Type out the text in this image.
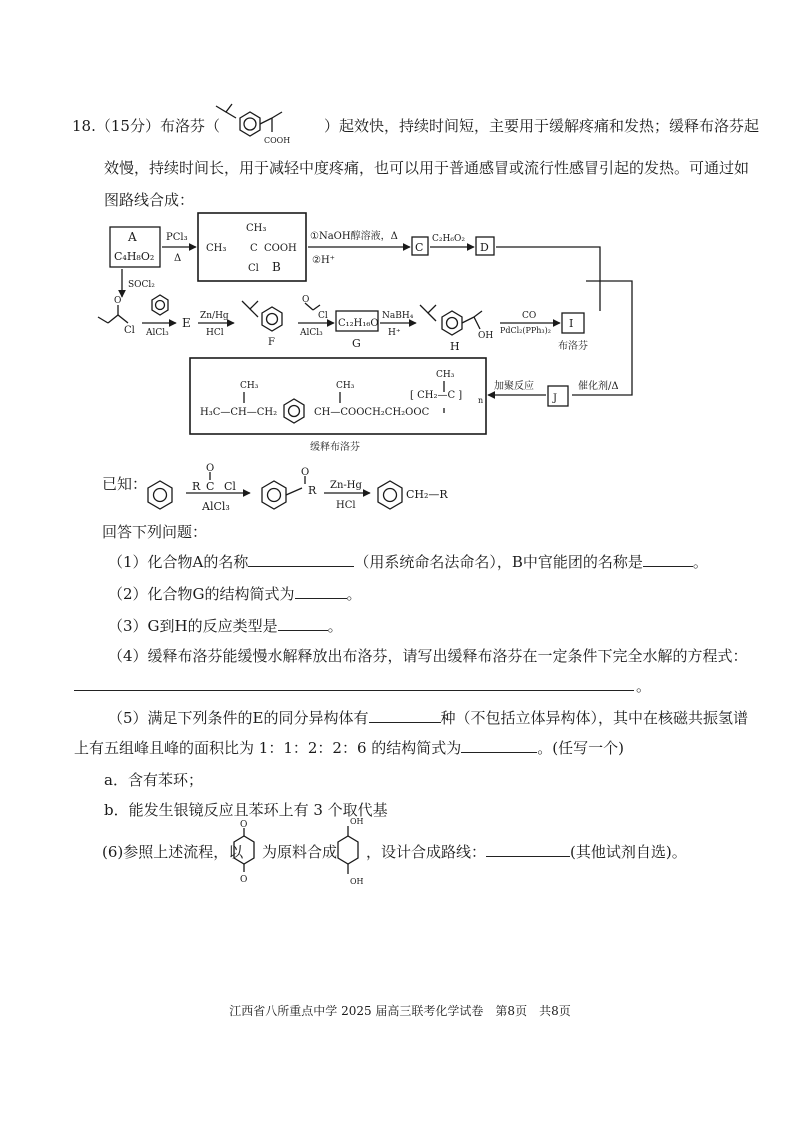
18.（15分）布洛芬（	）起效快，持续时间短，主要用于缓解疼痛和发热；缓释布洛芬起
COOH
效慢，持续时间长，用于减轻中度疼痛，也可以用于普通感冒或流行性感冒引起的发热。可通过如
图路线合成：
A
C₄H₈O₂
PCl₃
Δ
CH₃
CH₃ C COOH
Cl B
①NaOH醇溶液，Δ
②H⁺
C
C₂H₆O₂
D
SOCl₂
O
Cl AlCl₃
E Zn/Hg
HCl
F
O
Cl
AlCl₃
C₁₂H₁₆O
G
NaBH₄
H⁺	OH
H
CO
PdCl₂(PPh₃)₂
I
布洛芬
催化剂/Δ
J
加聚反应
CH₃
[ CH₂—C ] n
CH₃
H₃C—CH—CH₂
CH₃
CH—COOCH₂CH₂OOC
缓释布洛芬
已知：	R
O
C Cl
AlCl₃
O
R Zn-Hg
HCl
CH₂—R
回答下列问题：
（1）化合物A的名称	（用系统命名法命名），B中官能团的名称是	。
（2）化合物G的结构简式为	。
（3）G到H的反应类型是	。
（4）缓释布洛芬能缓慢水解释放出布洛芬，请写出缓释布洛芬在一定条件下完全水解的方程式：
。
（5）满足下列条件的E的同分异构体有	种（不包括立体异构体），其中在核磁共振氢谱
上有五组峰且峰的面积比为 1：1：2：2：6 的结构简式为	。(任写一个)
a．含有苯环；
b．能发生银镜反应且苯环上有 3 个取代基
(6)参照上述流程，以
O
O
为原料合成
OH
OH
，设计合成路线：	(其他试剂自选)。
江西省八所重点中学 2025 届高三联考化学试卷　第8页　共8页
